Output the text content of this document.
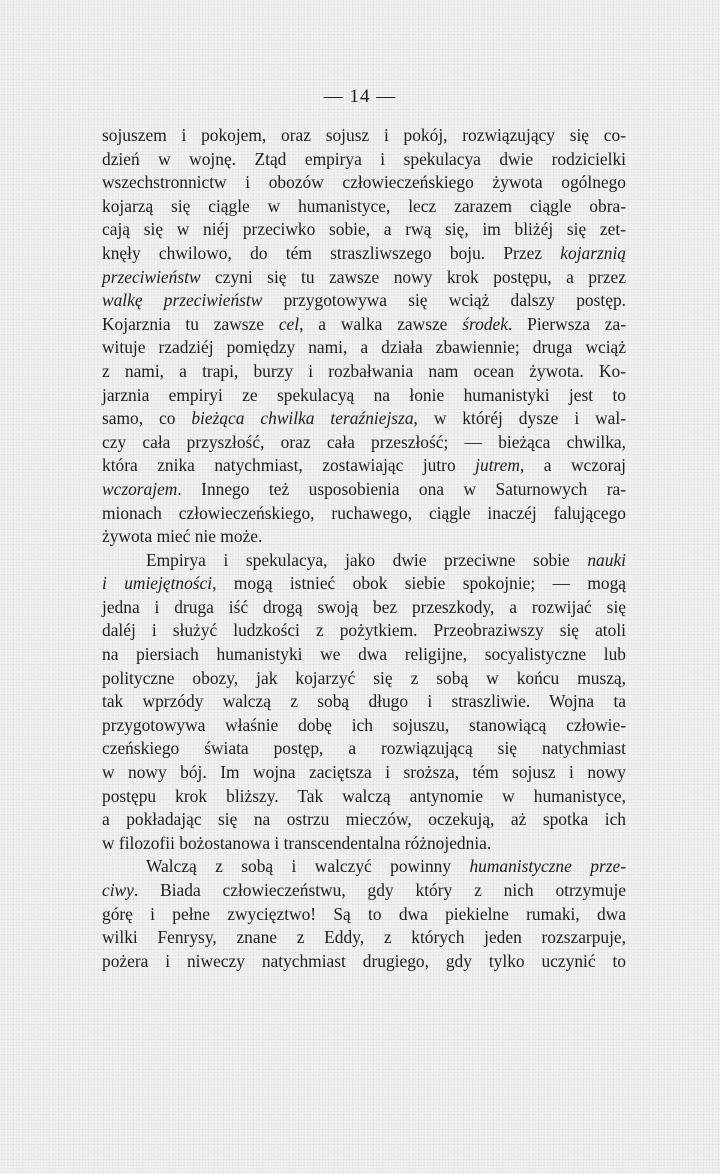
— 14 —
sojuszem i pokojem, oraz sojusz i pokój, rozwiązujący się co-
dzień w wojnę. Ztąd empirya i spekulacya dwie rodzicielki
wszechstronnictw i obozów człowieczeńskiego żywota ogólnego
kojarzą się ciągle w humanistyce, lecz zarazem ciągle obra-
cają się w niéj przeciwko sobie, a rwą się, im bliżéj się zet-
knęły chwilowo, do tém straszliwszego boju. Przez kojarznią
przeciwieństw czyni się tu zawsze nowy krok postępu, a przez
walkę przeciwieństw przygotowywa się wciąż dalszy postęp.
Kojarznia tu zawsze cel, a walka zawsze środek. Pierwsza za-
wituje rzadziéj pomiędzy nami, a działa zbawiennie; druga wciąż
z nami, a trapi, burzy i rozbałwania nam ocean żywota. Ko-
jarznia empiryi ze spekulacyą na łonie humanistyki jest to
samo, co bieżąca chwilka teraźniejsza, w któréj dysze i wal-
czy cała przyszłość, oraz cała przeszłość; — bieżąca chwilka,
która znika natychmiast, zostawiając jutro jutrem, a wczoraj
wczorajem. Innego też usposobienia ona w Saturnowych ra-
mionach człowieczeńskiego, ruchawego, ciągle inaczéj falującego
żywota mieć nie może.
Empirya i spekulacya, jako dwie przeciwne sobie nauki
i umiejętności, mogą istnieć obok siebie spokojnie; — mogą
jedna i druga iść drogą swoją bez przeszkody, a rozwijać się
daléj i służyć ludzkości z pożytkiem. Przeobraziwszy się atoli
na piersiach humanistyki we dwa religijne, socyalistyczne lub
polityczne obozy, jak kojarzyć się z sobą w końcu muszą,
tak wprzódy walczą z sobą długo i straszliwie. Wojna ta
przygotowywa właśnie dobę ich sojuszu, stanowiącą człowie-
czeńskiego świata postęp, a rozwiązującą się natychmiast
w nowy bój. Im wojna zaciętsza i sroższa, tém sojusz i nowy
postępu krok bliższy. Tak walczą antynomie w humanistyce,
a pokładając się na ostrzu mieczów, oczekują, aż spotka ich
w filozofii bożostanowa i transcendentalna różnojednia.
Walczą z sobą i walczyć powinny humanistyczne prze-
ciwy. Biada człowieczeństwu, gdy który z nich otrzymuje
górę i pełne zwycięztwo! Są to dwa piekielne rumaki, dwa
wilki Fenrysy, znane z Eddy, z których jeden rozszarpuje,
pożera i niweczy natychmiast drugiego, gdy tylko uczynić to
